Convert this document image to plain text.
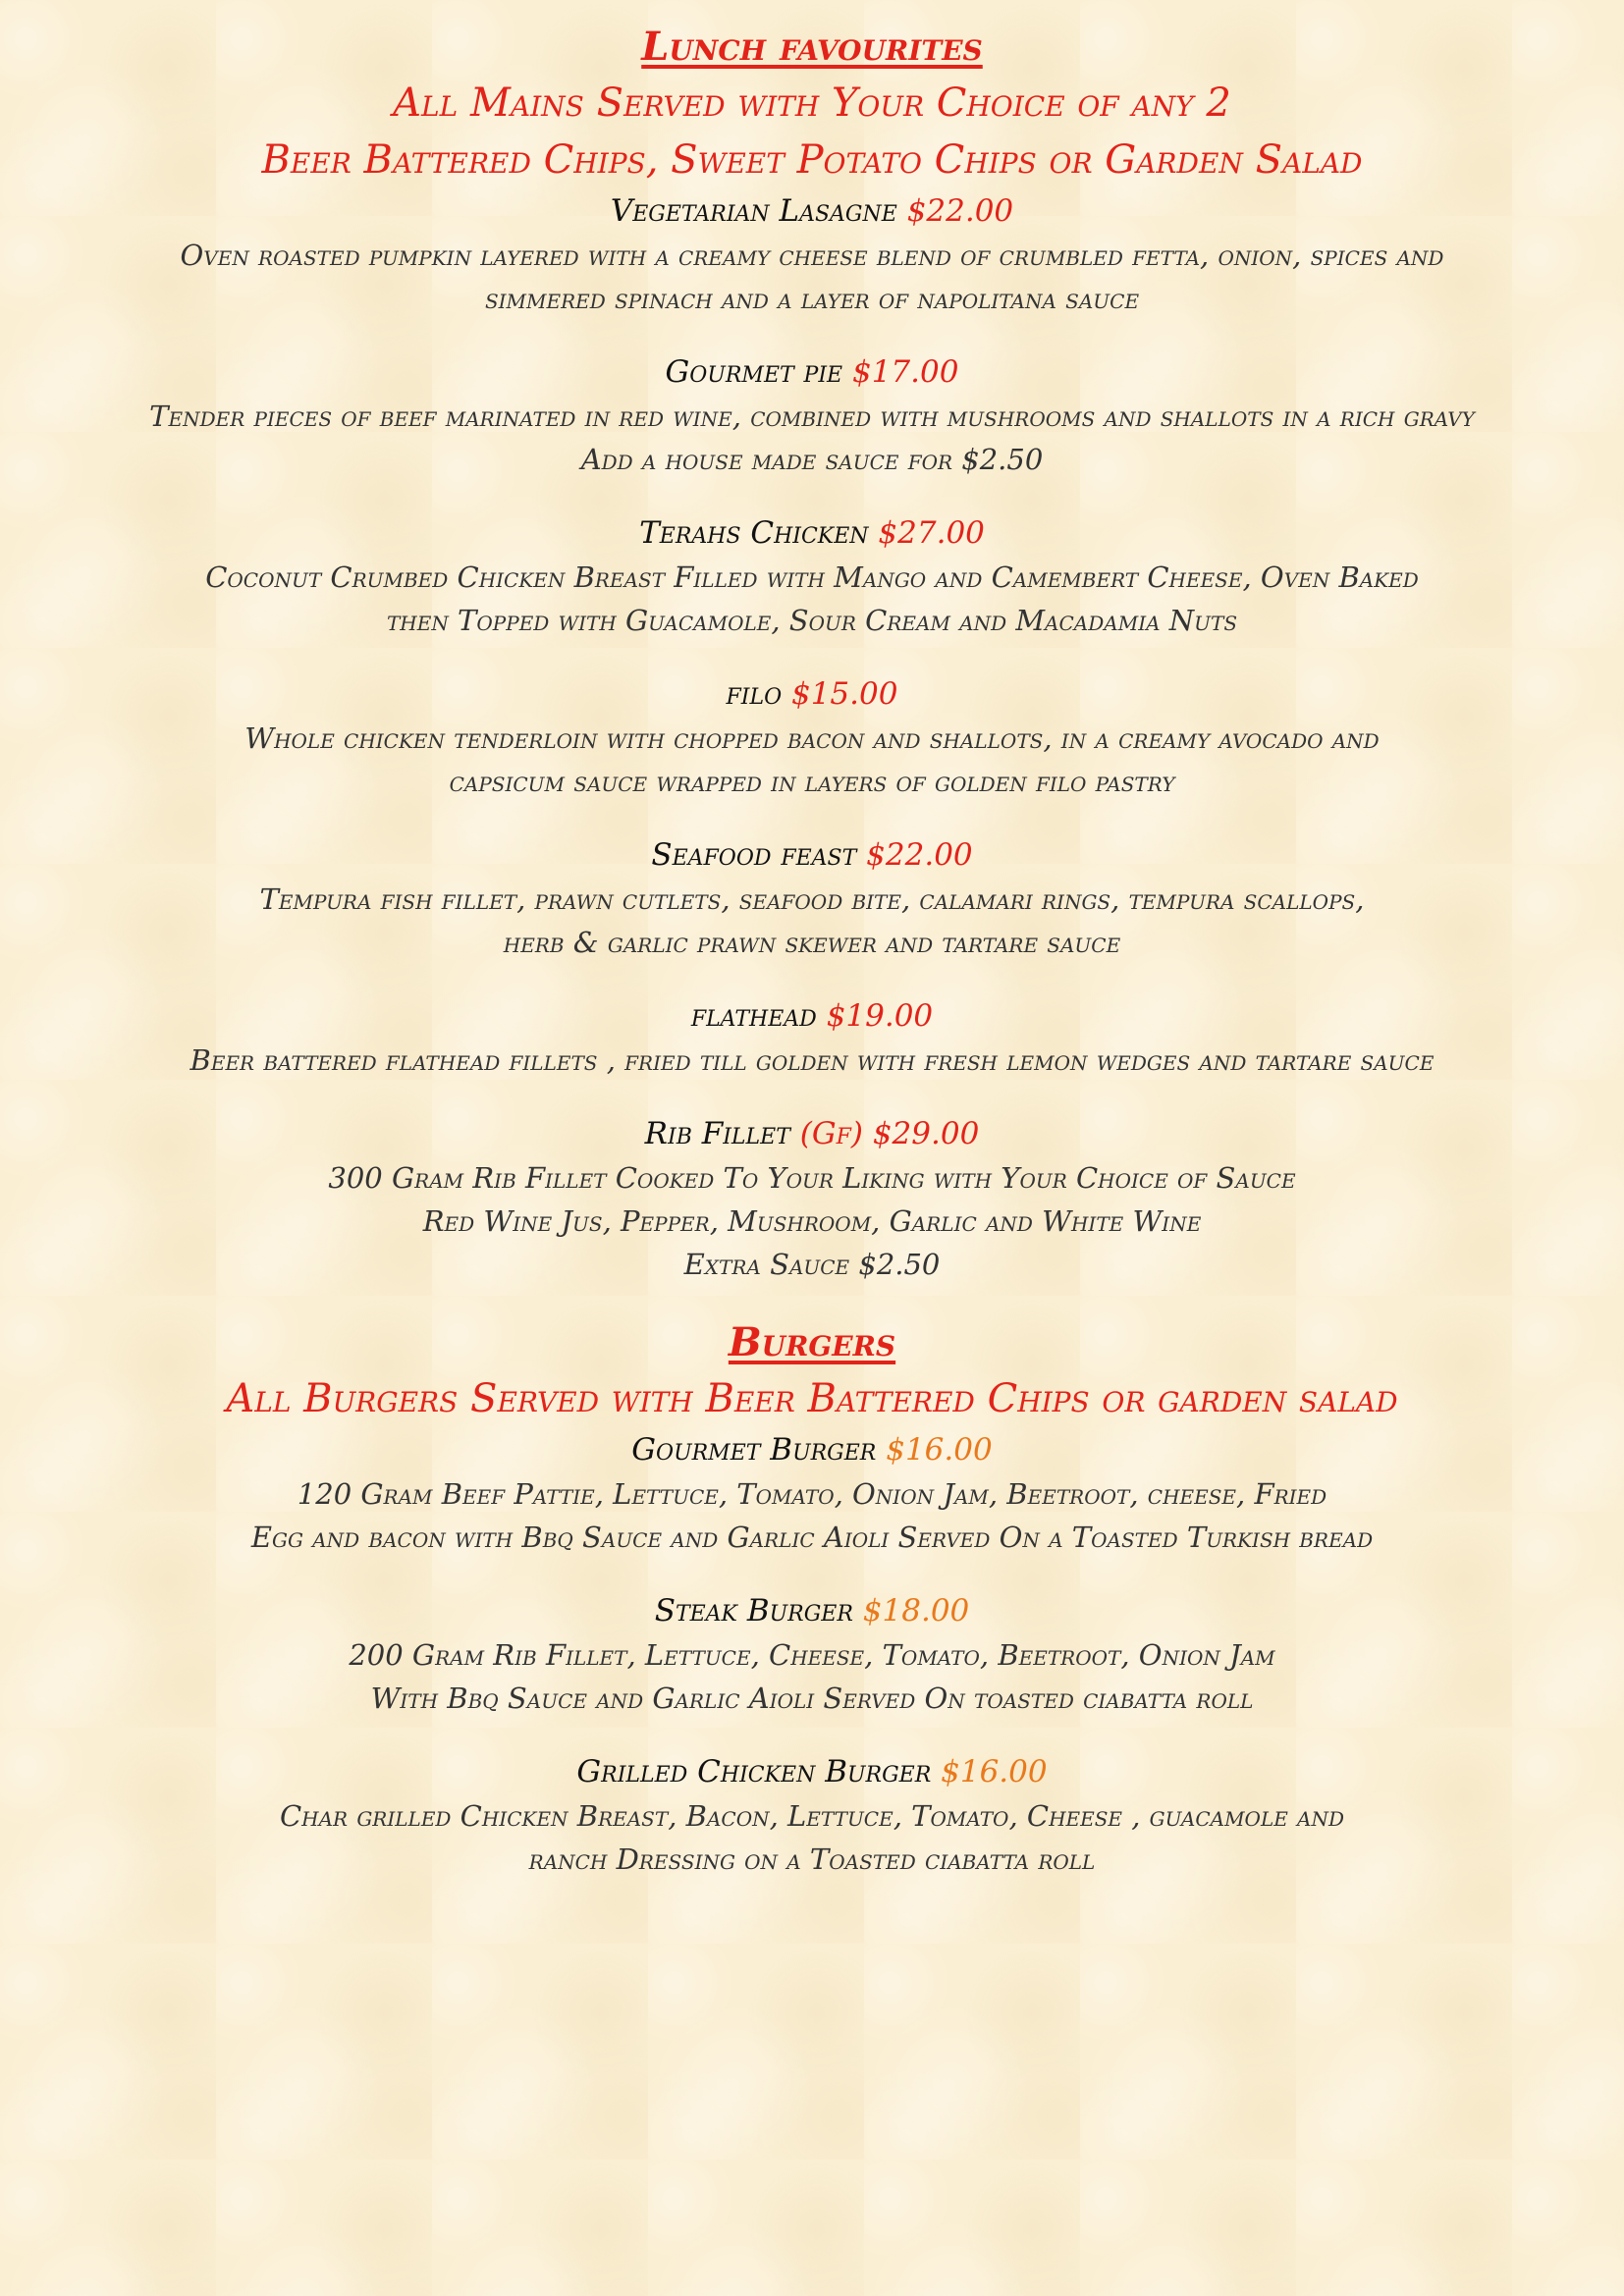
Lunch favourites

All Mains Served with Your Choice of any 2

Beer Battered Chips, Sweet Potato Chips or Garden Salad

Vegetarian Lasagne $22.00

Oven roasted pumpkin layered with a creamy cheese blend of crumbled fetta, onion, spices and

simmered spinach and a layer of napolitana sauce

Gourmet pie $17.00

Tender pieces of beef marinated in red wine, combined with mushrooms and shallots in a rich gravy

Add a house made sauce for $2.50

Terahs Chicken $27.00

Coconut Crumbed Chicken Breast Filled with Mango and Camembert Cheese, Oven Baked

then Topped with Guacamole, Sour Cream and Macadamia Nuts

filo $15.00

Whole chicken tenderloin with chopped bacon and shallots, in a creamy avocado and

capsicum sauce wrapped in layers of golden filo pastry

Seafood feast $22.00

Tempura fish fillet, prawn cutlets, seafood bite, calamari rings, tempura scallops,

herb & garlic prawn skewer and tartare sauce

flathead $19.00

Beer battered flathead fillets , fried till golden with fresh lemon wedges and tartare sauce

Rib Fillet (Gf) $29.00

300 Gram Rib Fillet Cooked To Your Liking with Your Choice of Sauce

Red Wine Jus, Pepper, Mushroom, Garlic and White Wine

Extra Sauce $2.50

Burgers

All Burgers Served with Beer Battered Chips or garden salad

Gourmet Burger $16.00

120 Gram Beef Pattie, Lettuce, Tomato, Onion Jam, Beetroot, cheese, Fried

Egg and bacon with Bbq Sauce and Garlic Aioli Served On a Toasted Turkish bread

Steak Burger $18.00

200 Gram Rib Fillet, Lettuce, Cheese, Tomato, Beetroot, Onion Jam

With Bbq Sauce and Garlic Aioli Served On toasted ciabatta roll

Grilled Chicken Burger $16.00

Char grilled Chicken Breast, Bacon, Lettuce, Tomato, Cheese , guacamole and

ranch Dressing on a Toasted ciabatta roll
